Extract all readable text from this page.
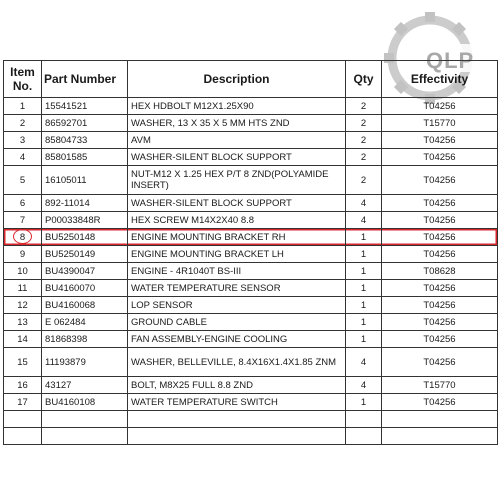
QLP
Item No.	Part Number	Description	Qty	Effectivity
1	15541521	HEX HDBOLT M12X1.25X90	2	T04256
2	86592701	WASHER, 13 X 35 X 5 MM HTS ZND	2	T15770
3	85804733	AVM	2	T04256
4	85801585	WASHER-SILENT BLOCK SUPPORT	2	T04256
5	16105011	NUT-M12 X 1.25 HEX P/T 8 ZND(POLYAMIDE INSERT)	2	T04256
6	892-11014	WASHER-SILENT BLOCK SUPPORT	4	T04256
7	P00033848R	HEX SCREW M14X2X40 8.8	4	T04256
8	BU5250148	ENGINE MOUNTING BRACKET RH	1	T04256
9	BU5250149	ENGINE MOUNTING BRACKET LH	1	T04256
10	BU4390047	ENGINE - 4R1040T BS-III	1	T08628
11	BU4160070	WATER TEMPERATURE SENSOR	1	T04256
12	BU4160068	LOP SENSOR	1	T04256
13	E 062484	GROUND CABLE	1	T04256
14	81868398	FAN ASSEMBLY-ENGINE COOLING	1	T04256
15	11193879	WASHER, BELLEVILLE, 8.4X16X1.4X1.85 ZNM	4	T04256
16	43127	BOLT, M8X25 FULL 8.8 ZND	4	T15770
17	BU4160108	WATER TEMPERATURE SWITCH	1	T04256
